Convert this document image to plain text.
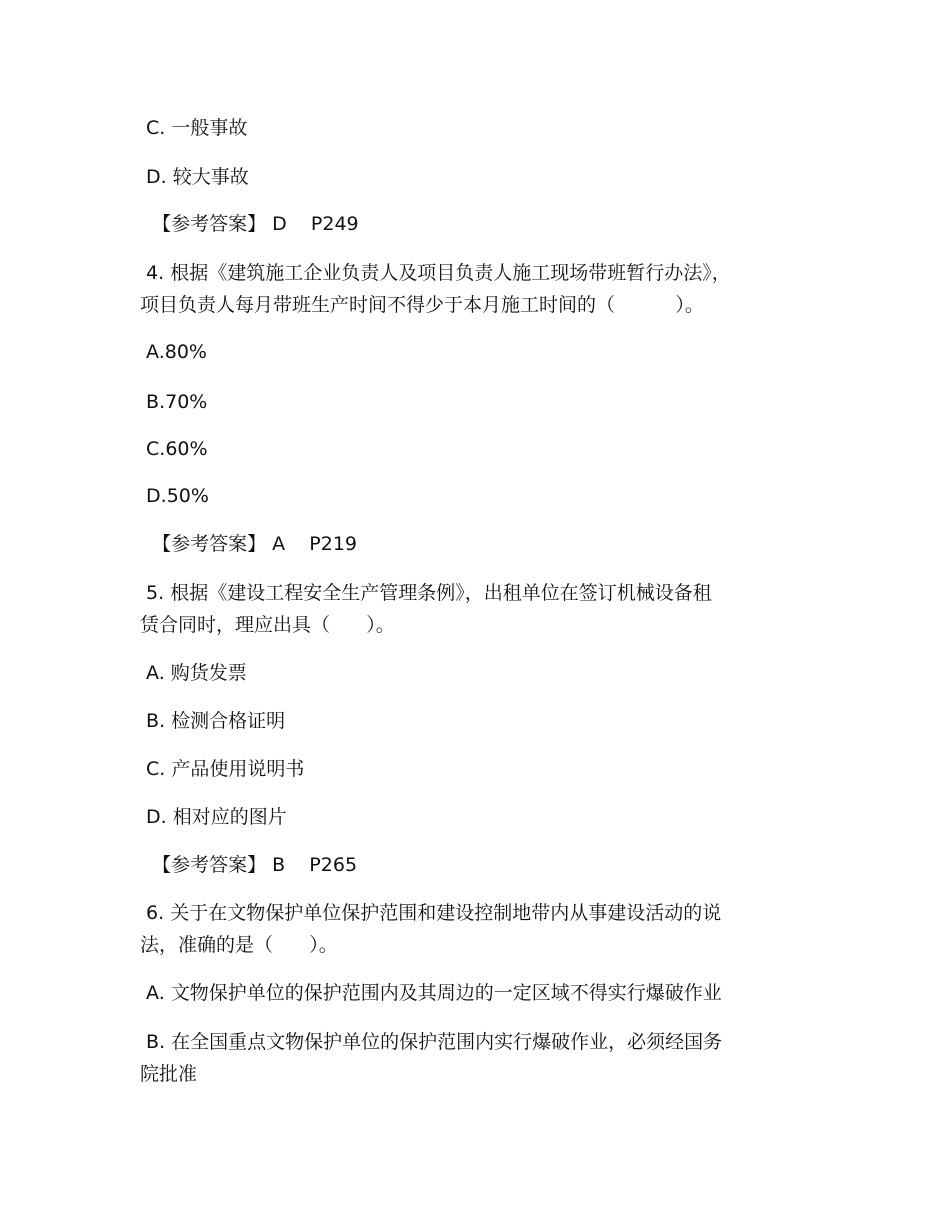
C. 一般事故
D. 较大事故
【参考答案】 D    P249
4. 根据《建筑施工企业负责人及项目负责人施工现场带班暂行办法》，
项目负责人每月带班生产时间不得少于本月施工时间的（          ）。
A.80%
B.70%
C.60%
D.50%
【参考答案】 A    P219
5. 根据《建设工程安全生产管理条例》，出租单位在签订机械设备租
赁合同时，理应出具（      ）。
A. 购货发票
B. 检测合格证明
C. 产品使用说明书
D. 相对应的图片
【参考答案】 B    P265
6. 关于在文物保护单位保护范围和建设控制地带内从事建设活动的说
法，准确的是（      ）。
A. 文物保护单位的保护范围内及其周边的一定区域不得实行爆破作业
B. 在全国重点文物保护单位的保护范围内实行爆破作业，必须经国务
院批准
